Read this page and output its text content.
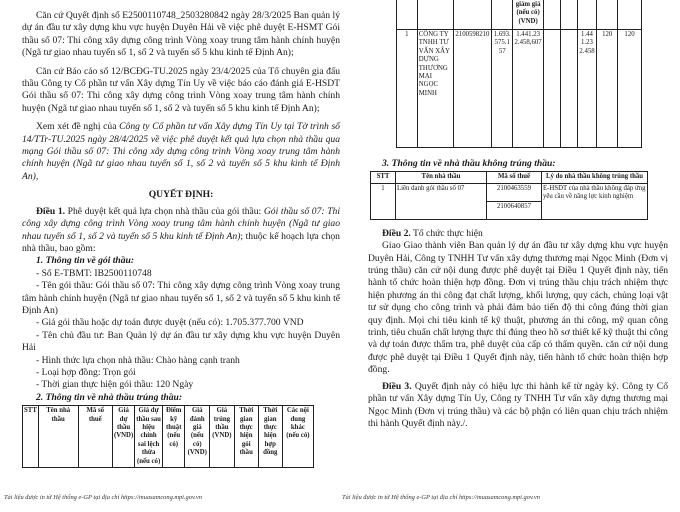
Căn cứ Quyết định số E2500110748_2503280842 ngày 28/3/2025 Ban quản lý dự án đầu tư xây dựng khu vực huyện Duyên Hải về việc phê duyệt E-HSMT Gói thầu số 07: Thi công xây dựng công trình Vòng xoay trung tâm hành chính huyện (Ngã tư giao nhau tuyến số 1, số 2 và tuyến số 5 khu kinh tế Định An);

Căn cứ Báo cáo số 12/BCĐG-TU.2025 ngày 23/4/2025 của Tổ chuyên gia đấu thầu Công ty Cổ phần tư vấn Xây dựng Tín Uy về việc báo cáo đánh giá E-HSDT Gói thầu số 07: Thi công xây dựng công trình Vòng xoay trung tâm hành chính huyện (Ngã tư giao nhau tuyến số 1, số 2 và tuyến số 5 khu kinh tế Định An);

Xem xét đề nghị của Công ty Cổ phần tư vấn Xây dựng Tín Uy tại Tờ trình số 14/TTr-TU.2025 ngày 28/4/2025 về việc phê duyệt kết quả lựa chọn nhà thầu qua mạng Gói thầu số 07: Thi công xây dựng công trình Vòng xoay trung tâm hành chính huyện (Ngã tư giao nhau tuyến số 1, số 2 và tuyến số 5 khu kinh tế Định An),

QUYẾT ĐỊNH:

Điều 1. Phê duyệt kết quả lựa chọn nhà thầu của gói thầu: Gói thầu số 07: Thi công xây dựng công trình Vòng xoay trung tâm hành chính huyện (Ngã tư giao nhau tuyến số 1, số 2 và tuyến số 5 khu kinh tế Định An); thuộc kế hoạch lựa chọn nhà thầu, bao gồm:

1. Thông tin về gói thầu:

- Số E-TBMT: IB2500110748

- Tên gói thầu: Gói thầu số 07: Thi công xây dựng công trình Vòng xoay trung tâm hành chính huyện (Ngã tư giao nhau tuyến số 1, số 2 và tuyến số 5 khu kinh tế Định An)

- Giá gói thầu hoặc dự toán được duyệt (nếu có): 1.705.377.700 VND

- Tên chủ đầu tư: Ban Quản lý dự án đầu tư xây dựng khu vực huyện Duyên Hải

- Hình thức lựa chọn nhà thầu: Chào hàng cạnh tranh

- Loại hợp đồng: Trọn gói

- Thời gian thực hiện gói thầu: 120 Ngày

2. Thông tin về nhà thầu trúng thầu:

STT	Tên nhà thầu	Mã số thuế	Giá dự thầu (VND)	Giá dự thầu sau hiệu chỉnh sai lệch thừa (nếu có)	Điểm kỹ thuật (nếu có)	Giá đánh giá (nếu có) (VND)	Giá trúng thầu (VND)	Thời gian thực hiện gói thầu	Thời gian thực hiện hợp đồng	Các nội dung khác (nếu có)
Tài liệu được in từ Hệ thống e-GP tại địa chỉ https://muasamcong.mpi.gov.vn
				giảm giá (nếu có) (VND)					
1	CÔNG TY TNHH TƯ VẤN XÂY DỰNG THƯƠNG MẠI NGỌC MINH	2100598210	1.693.575.157	1.441.232.458,607			1.441.232.458	120	120

3. Thông tin về nhà thầu không trúng thầu:

STT	Tên nhà thầu	Mã số thuế	Lý do nhà thầu không trúng thầu
1	Liên danh gói thầu số 07	2100463559	E-HSDT của nhà thầu không đáp ứng yêu cầu về năng lực kinh nghiệm
		2100640857	

Điều 2. Tổ chức thực hiện

Giao Giao thành viên Ban quản lý dự án đầu tư xây dựng khu vực huyện Duyên Hải, Công ty TNHH Tư vấn xây dựng thương mại Ngọc Minh (Đơn vị trúng thầu) căn cứ nội dung được phê duyệt tại Điều 1 Quyết định này, tiến hành tổ chức hoàn thiện hợp đồng. Đơn vị trúng thầu chịu trách nhiệm thực hiện phương án thi công đạt chất lượng, khối lượng, quy cách, chủng loại vật tư sử dụng cho công trình và phải đảm bảo tiến độ thi công đúng thời gian quy định. Mọi chi tiêu kinh tế kỹ thuật, phương án thi công, mỹ quan công trình, tiêu chuẩn chất lượng thực thi đúng theo hồ sơ thiết kế kỹ thuật thi công và dự toán được thẩm tra, phê duyệt của cấp có thẩm quyền. căn cứ nội dung được phê duyệt tại Điều 1 Quyết định này, tiến hành tổ chức hoàn thiện hợp đồng.

Điều 3. Quyết định này có hiệu lực thi hành kể từ ngày ký. Công ty Cổ phần tư vấn Xây dựng Tín Uy, Công ty TNHH Tư vấn xây dựng thương mại Ngọc Minh (Đơn vị trúng thầu) và các bộ phận có liên quan chịu trách nhiệm thi hành Quyết định này./.

Tài liệu được in từ Hệ thống e-GP tại địa chỉ https://muasamcong.mpi.gov.vn
